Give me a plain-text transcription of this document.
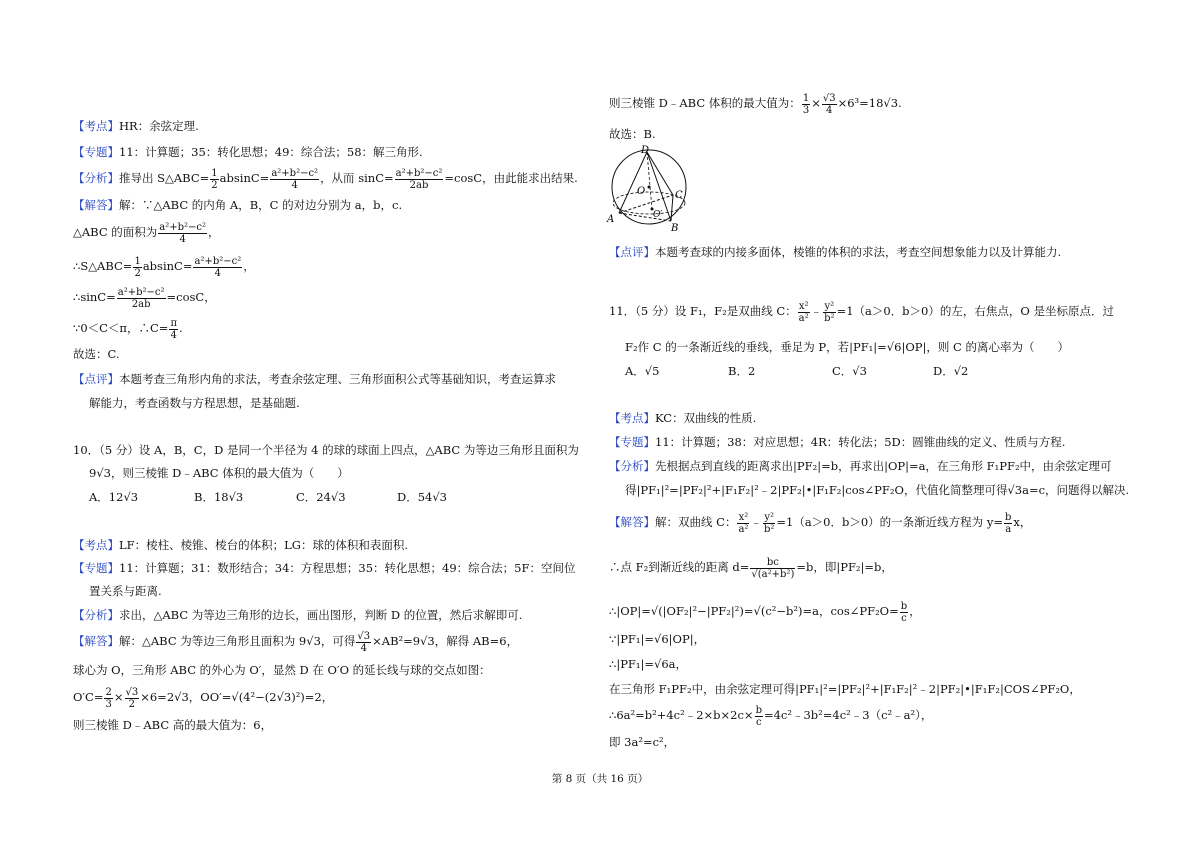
【考点】HR：余弦定理.
【专题】11：计算题；35：转化思想；49：综合法；58：解三角形.
【分析】推导出 S△ABC= $\frac{1}{2} absinC= \frac{\text{a²+b²−c²}}{4}$ ，从而 $\sin C= \frac{\text{a²+b²−c²}}{2ab} =\cos C$，由此能求出结果.
【解答】解：∵△ABC 的内角 A，B，C 的对边分别为 a，b，c.
△ABC 的面积为 $\frac{\text{a²+b²−c²}}{4}$ ，
∴S△ABC= $\frac{1}{2} absinC= \frac{\text{a²+b²−c²}}{4}$ ，
∴sinC= $\frac{\text{a²+b²−c²}}{2ab} =\cos C$，
∵0＜C＜π，∴C= $\frac{\pi}{4}$ .
故选：C.
【点评】本题考查三角形内角的求法，考查余弦定理、三角形面积公式等基础知识，考查运算求
解能力，考查函数与方程思想，是基础题.
10．（5 分）设 A，B，C，D 是同一个半径为 4 的球的球面上四点，△ABC 为等边三角形且面积为
9√3，则三棱锥 D﹣ABC 体积的最大值为（　　）
A．12√3	B．18√3	C．24√3	D．54√3
【考点】LF：棱柱、棱锥、棱台的体积；LG：球的体积和表面积.
【专题】11：计算题；31：数形结合；34：方程思想；35：转化思想；49：综合法；5F：空间位
置关系与距离.
【分析】求出，△ABC 为等边三角形的边长，画出图形，判断 D 的位置，然后求解即可.
【解答】解：△ABC 为等边三角形且面积为 9√3，可得 $\frac{√3}{4} \times AB^2=9√3$，解得 AB=6，
球心为 O，三角形 ABC 的外心为 O′，显然 D 在 O′O 的延长线与球的交点如图：
$O'C= \frac{2}{3} \times \frac{√3}{2} \times 6=2√3$，OO′=√(4²−(2√3)²)=2，
则三棱锥 D﹣ABC 高的最大值为：6，
则三棱锥 D﹣ABC 体积的最大值为： $\frac{1}{3} \times \frac{√3}{4} \times 6^3=18√3$.
故选：B.
D
O	C
A
B
O′
【点评】本题考查球的内接多面体，棱锥的体积的求法，考查空间想象能力以及计算能力.
11．（5 分）设 F₁，F₂是双曲线 C： $\frac{\text{x²}}{\text{a²}}$ ﹣ $\frac{\text{y²}}{\text{b²}} =1(a>0$．b＞0）的左，右焦点，O 是坐标原点．过
F₂作 C 的一条渐近线的垂线，垂足为 P，若|PF₁|=√6|OP|，则 C 的离心率为（　　）
A．√5	B．2	C．√3	D．√2
【考点】KC：双曲线的性质.
【专题】11：计算题；38：对应思想；4R：转化法；5D：圆锥曲线的定义、性质与方程.
【分析】先根据点到直线的距离求出|PF₂|=b，再求出|OP|=a，在三角形 F₁PF₂中，由余弦定理可
得|PF₁|²=|PF₂|²+|F₁F₂|²﹣2|PF₂|•|F₁F₂|cos∠PF₂O，代值化简整理可得√3a=c，问题得以解决.
【解答】解：双曲线 C： $\frac{\text{x²}}{\text{a²}}$ ﹣ $\frac{\text{y²}}{\text{b²}} =1(a>0$．b＞0）的一条渐近线方程为 $y= \frac{b}{a}$ x，
∴点 F₂到渐近线的距离 $d= \frac{bc}{\text{√(a²+b²)}} =b$，即|PF₂|=b，
∴|OP|=√(|OF₂|²−|PF₂|²)=√(c²−b²)=a，cos∠PF₂O= $\frac{b}{c}$ ，
∵|PF₁|=√6|OP|，
∴|PF₁|=√6a，
在三角形 F₁PF₂中，由余弦定理可得|PF₁|²=|PF₂|²+|F₁F₂|²﹣2|PF₂|•|F₁F₂|COS∠PF₂O，
∴6a²=b²+4c²﹣2×b×2c× $\frac{b}{c}$ =4c²﹣3b²=4c²﹣3（c²﹣a²），
即 3a²=c²，
第 8 页（共 16 页）
